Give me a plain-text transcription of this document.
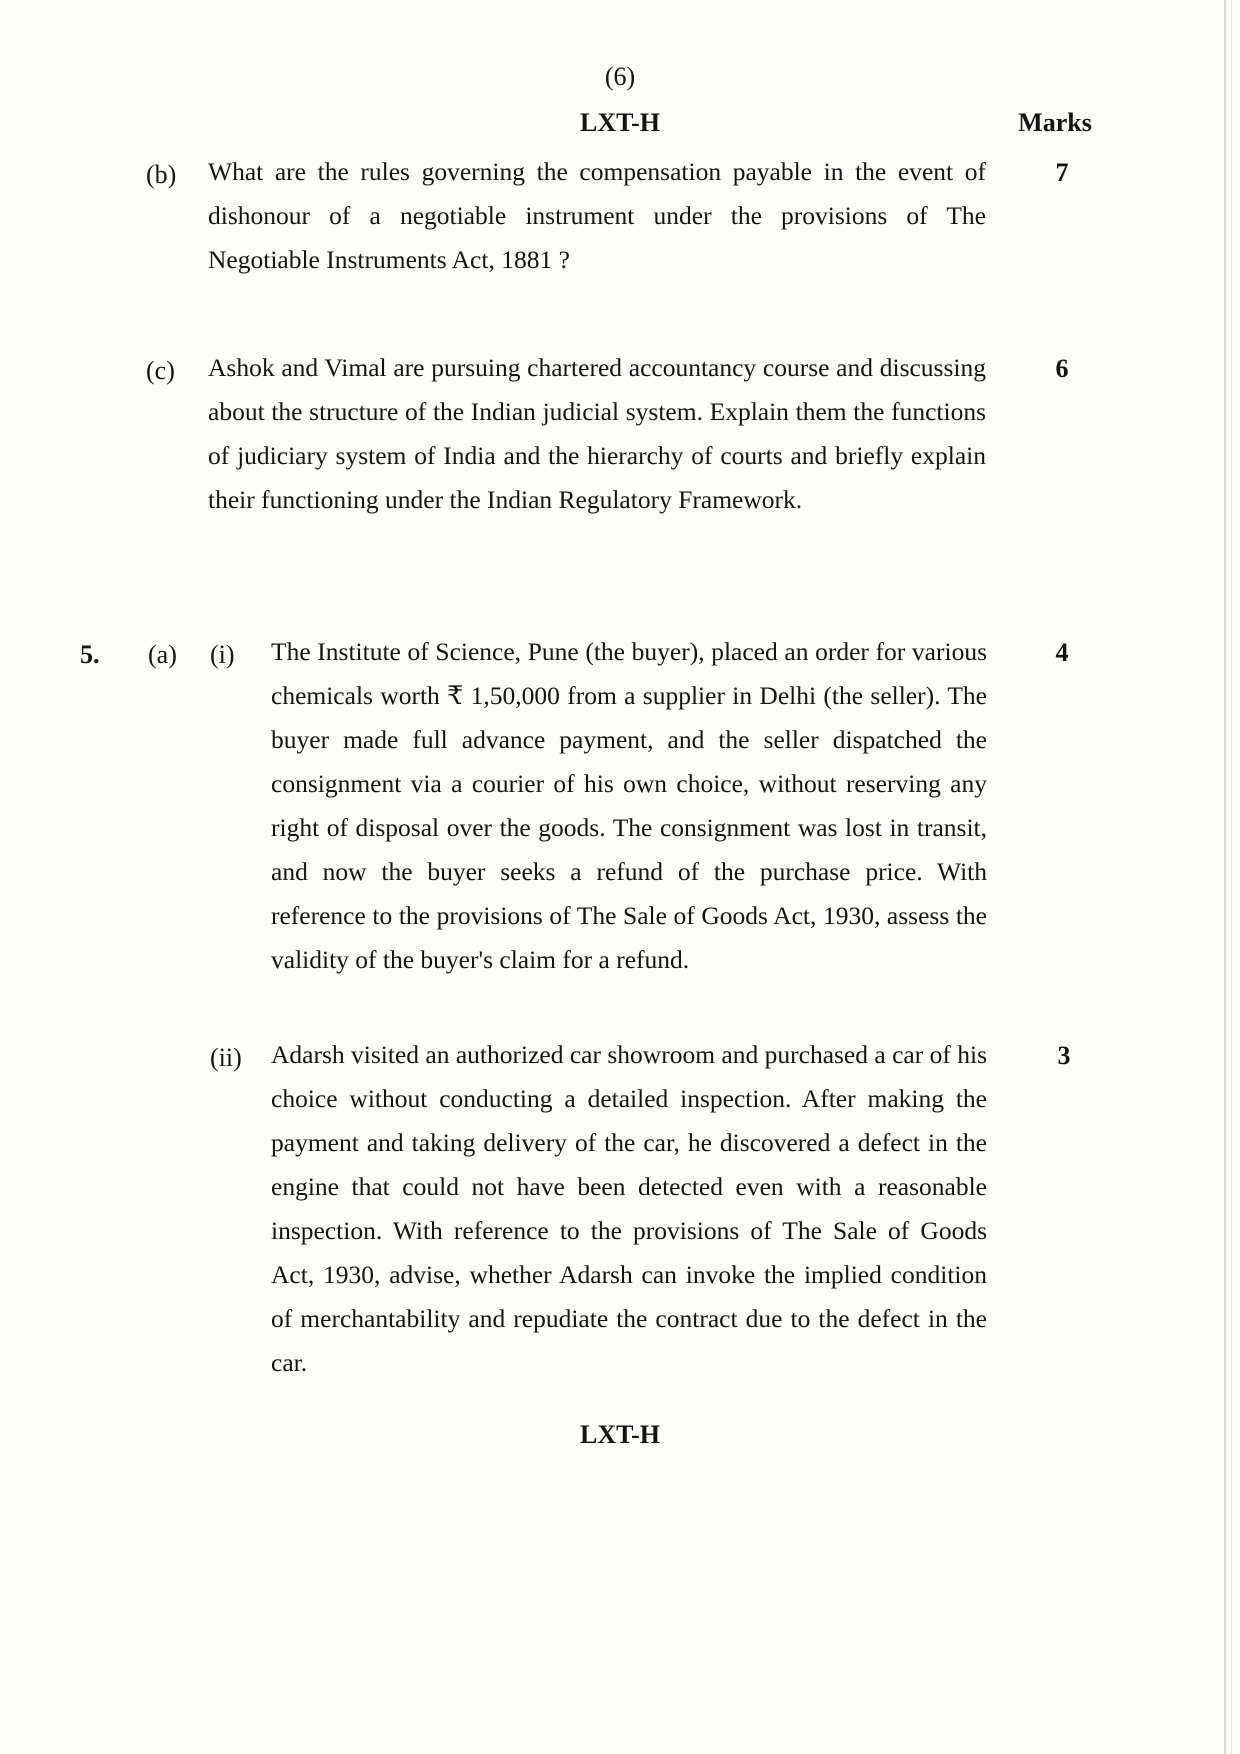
(6)
LXT-H	Marks
(b) What are the rules governing the compensation payable in the event of dishonour of a negotiable instrument under the provisions of The Negotiable Instruments Act, 1881 ?
7
(c) Ashok and Vimal are pursuing chartered accountancy course and discussing about the structure of the Indian judicial system. Explain them the functions of judiciary system of India and the hierarchy of courts and briefly explain their functioning under the Indian Regulatory Framework.
6
5. (a) (i) The Institute of Science, Pune (the buyer), placed an order for various chemicals worth ₹ 1,50,000 from a supplier in Delhi (the seller). The buyer made full advance payment, and the seller dispatched the consignment via a courier of his own choice, without reserving any right of disposal over the goods. The consignment was lost in transit, and now the buyer seeks a refund of the purchase price. With reference to the provisions of The Sale of Goods Act, 1930, assess the validity of the buyer's claim for a refund.
4
(ii) Adarsh visited an authorized car showroom and purchased a car of his choice without conducting a detailed inspection. After making the payment and taking delivery of the car, he discovered a defect in the engine that could not have been detected even with a reasonable inspection. With reference to the provisions of The Sale of Goods Act, 1930, advise, whether Adarsh can invoke the implied condition of merchantability and repudiate the contract due to the defect in the car.
3
LXT-H
